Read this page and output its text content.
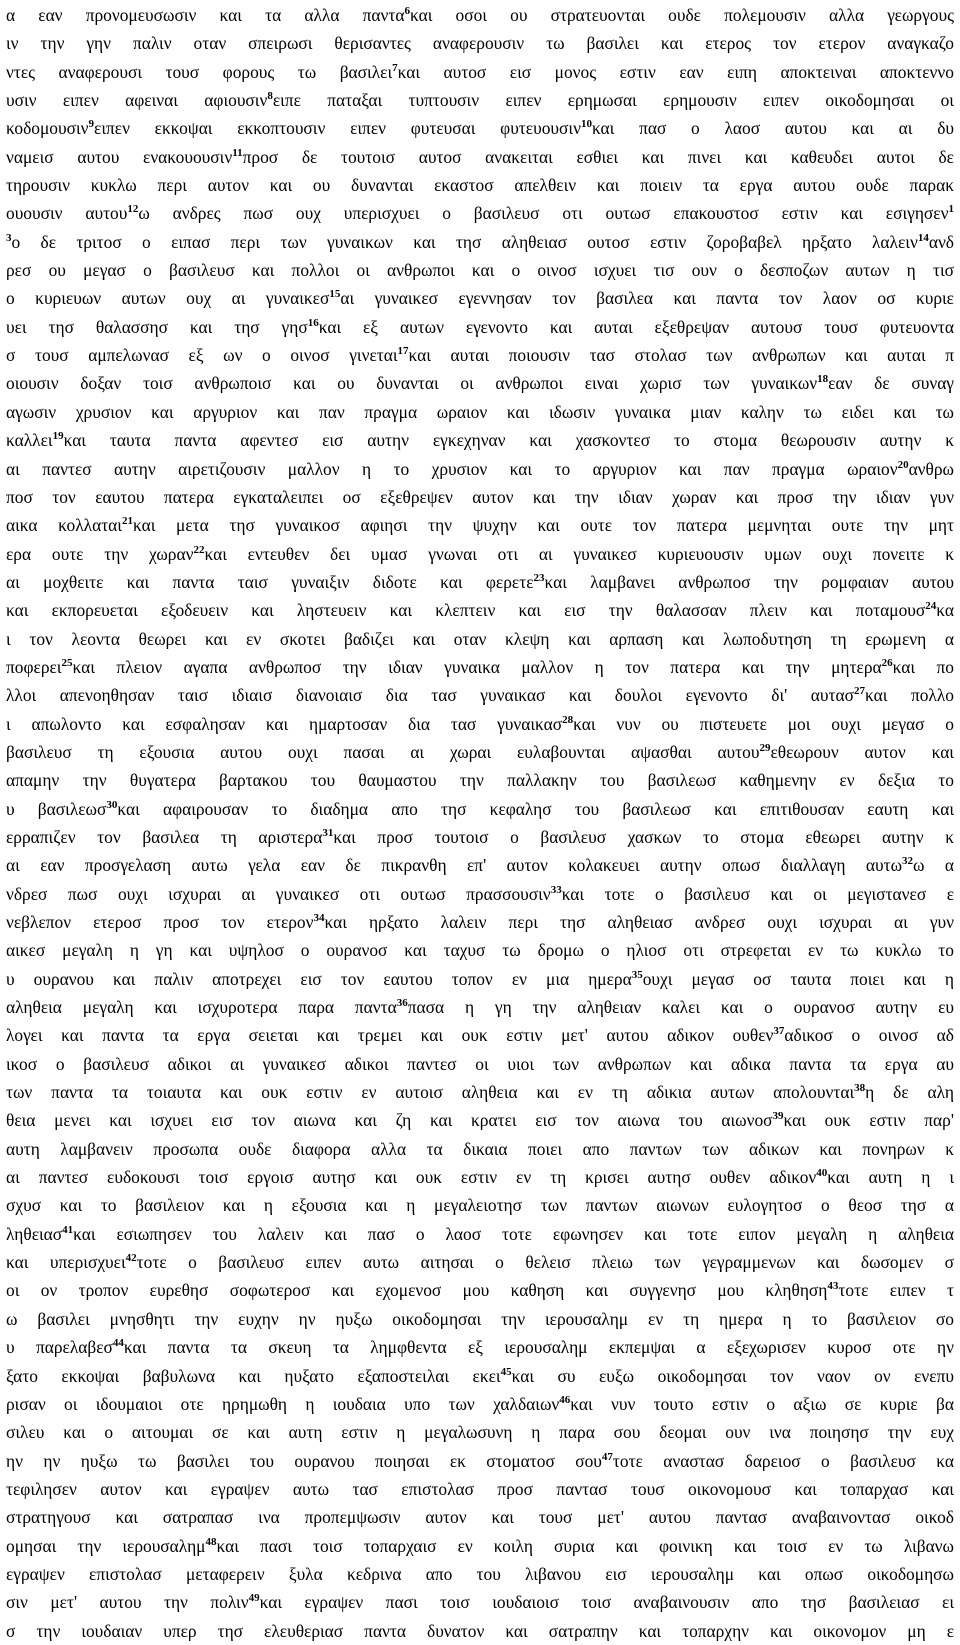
α εαν προνομευσωσιν και τα αλλα παντα$^6$και οσοι ου στρατευονται ουδε πολεμουσιν αλλα γεωργους
ιν την γην παλιν οταν σπειρωσι θερισαντες αναφερουσιν τω βασιλει και ετερος τον ετερον αναγκαζο
ντες αναφερουσι τουσ φορους τω βασιλει$^7$και αυτοσ εισ μονος εστιν εαν ειπη αποκτειναι αποκτεννο
υσιν ειπεν αφειναι αφιουσιν$^8$ειπε παταξαι τυπτουσιν ειπεν ερημωσαι ερημουσιν ειπεν οικοδομησαι οι
κοδομουσιν$^9$ειπεν εκκοψαι εκκοπτουσιν ειπεν φυτευσαι φυτευουσιν$^{10}$και πασ ο λαοσ αυτου και αι δυ
ναμεισ αυτου ενακουουσιν$^{11}$προσ δε τουτοισ αυτοσ ανακειται εσθιει και πινει και καθευδει αυτοι δε
τηρουσιν κυκλω περι αυτον και ου δυνανται εκαστοσ απελθειν και ποιειν τα εργα αυτου ουδε παρακ
ουουσιν αυτου$^{12}$ω ανδρες πωσ ουχ υπερισχυει ο βασιλευσ οτι ουτωσ επακουστοσ εστιν και εσιγησεν$^1$
$^3$ο δε τριτοσ ο ειπασ περι των γυναικων και τησ αληθειασ ουτοσ εστιν ζοροβαβελ ηρξατο λαλειν$^{14}$ανδ
ρεσ ου μεγασ ο βασιλευσ και πολλοι οι ανθρωποι και ο οινοσ ισχυει τισ ουν ο δεσποζων αυτων η τισ
ο κυριευων αυτων ουχ αι γυναικεσ$^{15}$αι γυναικεσ εγεννησαν τον βασιλεα και παντα τον λαον οσ κυριε
υει τησ θαλασσησ και τησ γησ$^{16}$και εξ αυτων εγενοντο και αυται εξεθρεψαν αυτουσ τουσ φυτευοντα
σ τουσ αμπελωνασ εξ ων ο οινοσ γινεται$^{17}$και αυται ποιουσιν τασ στολασ των ανθρωπων και αυται π
οιουσιν δοξαν τοισ ανθρωποισ και ου δυνανται οι ανθρωποι ειναι χωρισ των γυναικων$^{18}$εαν δε συναγ
αγωσιν χρυσιον και αργυριον και παν πραγμα ωραιον και ιδωσιν γυναικα μιαν καλην τω ειδει και τω
καλλει$^{19}$και ταυτα παντα αφεντεσ εισ αυτην εγκεχηναν και χασκοντεσ το στομα θεωρουσιν αυτην κ
αι παντεσ αυτην αιρετιζουσιν μαλλον η το χρυσιον και το αργυριον και παν πραγμα ωραιον$^{20}$ανθρω
ποσ τον εαυτου πατερα εγκαταλειπει οσ εξεθρεψεν αυτον και την ιδιαν χωραν και προσ την ιδιαν γυν
αικα κολλαται$^{21}$και μετα τησ γυναικοσ αφιησι την ψυχην και ουτε τον πατερα μεμνηται ουτε την μητ
ερα ουτε την χωραν$^{22}$και εντευθεν δει υμασ γνωναι οτι αι γυναικεσ κυριευουσιν υμων ουχι πονειτε κ
αι μοχθειτε και παντα ταισ γυναιξιν διδοτε και φερετε$^{23}$και λαμβανει ανθρωποσ την ρομφαιαν αυτου
και εκπορευεται εξοδευειν και ληστευειν και κλεπτειν και εισ την θαλασσαν πλειν και ποταμουσ$^{24}$κα
ι τον λεοντα θεωρει και εν σκοτει βαδιζει και οταν κλεψη και αρπαση και λωποδυτηση τη ερωμενη α
ποφερει$^{25}$και πλειον αγαπα ανθρωποσ την ιδιαν γυναικα μαλλον η τον πατερα και την μητερα$^{26}$και πο
λλοι απενοηθησαν ταισ ιδιαισ διανοιαισ δια τασ γυναικασ και δουλοι εγενοντο δι' αυτασ$^{27}$και πολλο
ι απωλοντο και εσφαλησαν και ημαρτοσαν δια τασ γυναικασ$^{28}$και νυν ου πιστευετε μοι ουχι μεγασ ο
βασιλευσ τη εξουσια αυτου ουχι πασαι αι χωραι ευλαβουνται αψασθαι αυτου$^{29}$εθεωρουν αυτον και
απαμην την θυγατερα βαρτακου του θαυμαστου την παλλακην του βασιλεωσ καθημενην εν δεξια το
υ βασιλεωσ$^{30}$και αφαιρουσαν το διαδημα απο τησ κεφαλησ του βασιλεωσ και επιτιθουσαν εαυτη και
ερραπιζεν τον βασιλεα τη αριστερα$^{31}$και προσ τουτοισ ο βασιλευσ χασκων το στομα εθεωρει αυτην κ
αι εαν προσγελαση αυτω γελα εαν δε πικρανθη επ' αυτον κολακευει αυτην οπωσ διαλλαγη αυτω$^{32}$ω α
νδρεσ πωσ ουχι ισχυραι αι γυναικεσ οτι ουτωσ πρασσουσιν$^{33}$και τοτε ο βασιλευσ και οι μεγιστανεσ ε
νεβλεπον ετεροσ προσ τον ετερον$^{34}$και ηρξατο λαλειν περι τησ αληθειασ ανδρεσ ουχι ισχυραι αι γυν
αικεσ μεγαλη η γη και υψηλοσ ο ουρανοσ και ταχυσ τω δρομω ο ηλιοσ οτι στρεφεται εν τω κυκλω το
υ ουρανου και παλιν αποτρεχει εισ τον εαυτου τοπον εν μια ημερα$^{35}$ουχι μεγασ οσ ταυτα ποιει και η
αληθεια μεγαλη και ισχυροτερα παρα παντα$^{36}$πασα η γη την αληθειαν καλει και ο ουρανοσ αυτην ευ
λογει και παντα τα εργα σειεται και τρεμει και ουκ εστιν μετ' αυτου αδικον ουθεν$^{37}$αδικοσ ο οινοσ αδ
ικοσ ο βασιλευσ αδικοι αι γυναικεσ αδικοι παντεσ οι υιοι των ανθρωπων και αδικα παντα τα εργα αυ
των παντα τα τοιαυτα και ουκ εστιν εν αυτοισ αληθεια και εν τη αδικια αυτων απολουνται$^{38}$η δε αλη
θεια μενει και ισχυει εισ τον αιωνα και ζη και κρατει εισ τον αιωνα του αιωνοσ$^{39}$και ουκ εστιν παρ'
αυτη λαμβανειν προσωπα ουδε διαφορα αλλα τα δικαια ποιει απο παντων των αδικων και πονηρων κ
αι παντεσ ευδοκουσι τοισ εργοισ αυτησ και ουκ εστιν εν τη κρισει αυτησ ουθεν αδικον$^{40}$και αυτη η ι
σχυσ και το βασιλειον και η εξουσια και η μεγαλειοτησ των παντων αιωνων ευλογητοσ ο θεοσ τησ α
ληθειασ$^{41}$και εσιωπησεν του λαλειν και πασ ο λαοσ τοτε εφωνησεν και τοτε ειπον μεγαλη η αληθεια
και υπερισχυει$^{42}$τοτε ο βασιλευσ ειπεν αυτω αιτησαι ο θελεισ πλειω των γεγραμμενων και δωσομεν σ
οι ον τροπον ευρεθησ σοφωτεροσ και εχομενοσ μου καθηση και συγγενησ μου κληθηση$^{43}$τοτε ειπεν τ
ω βασιλει μνησθητι την ευχην ην ηυξω οικοδομησαι την ιερουσαλημ εν τη ημερα η το βασιλειον σο
υ παρελαβεσ$^{44}$και παντα τα σκευη τα λημφθεντα εξ ιερουσαλημ εκπεμψαι α εξεχωρισεν κυροσ οτε ην
ξατο εκκοψαι βαβυλωνα και ηυξατο εξαποστειλαι εκει$^{45}$και συ ευξω οικοδομησαι τον ναον ον ενεπυ
ρισαν οι ιδουμαιοι οτε ηρημωθη η ιουδαια υπο των χαλδαιων$^{46}$και νυν τουτο εστιν ο αξιω σε κυριε βα
σιλευ και ο αιτουμαι σε και αυτη εστιν η μεγαλωσυνη η παρα σου δεομαι ουν ινα ποιησησ την ευχ
ην ην ηυξω τω βασιλει του ουρανου ποιησαι εκ στοματοσ σου$^{47}$τοτε αναστασ δαρειοσ ο βασιλευσ κα
τεφιλησεν αυτον και εγραψεν αυτω τασ επιστολασ προσ παντασ τουσ οικονομουσ και τοπαρχασ και
στρατηγουσ και σατραπασ ινα προπεμψωσιν αυτον και τουσ μετ' αυτου παντασ αναβαινοντασ οικοδ
ομησαι την ιερουσαλημ$^{48}$και πασι τοισ τοπαρχαισ εν κοιλη συρια και φοινικη και τοισ εν τω λιβανω
εγραψεν επιστολασ μεταφερειν ξυλα κεδρινα απο του λιβανου εισ ιερουσαλημ και οπωσ οικοδομησω
σιν μετ' αυτου την πολιν$^{49}$και εγραψεν πασι τοισ ιουδαιοισ τοισ αναβαινουσιν απο τησ βασιλειασ ει
σ την ιουδαιαν υπερ τησ ελευθεριασ παντα δυνατον και σατραπην και τοπαρχην και οικονομον μη ε
